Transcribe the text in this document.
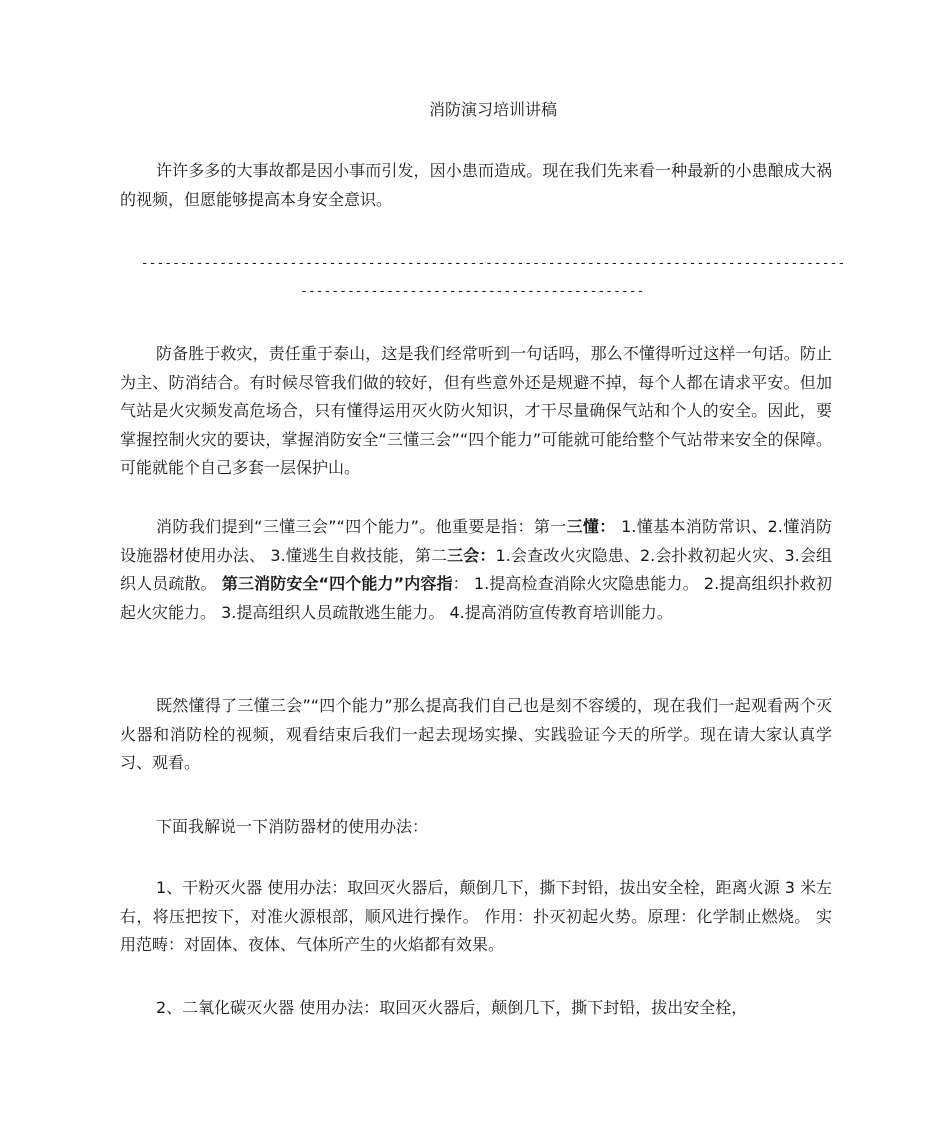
消防演习培训讲稿

许许多多的大事故都是因小事而引发，因小患而造成。现在我们先来看一种最新的小患酿成大祸的视频，但愿能够提高本身安全意识。

------------------------------------------------------------------------------------------
--------------------------------------------

防备胜于救灾，责任重于泰山，这是我们经常听到一句话吗，那么不懂得听过这样一句话。防止为主、防消结合。有时候尽管我们做的较好，但有些意外还是规避不掉，每个人都在请求平安。但加气站是火灾频发高危场合，只有懂得运用灭火防火知识，才干尽量确保气站和个人的安全。因此，要掌握控制火灾的要诀，掌握消防安全“三懂三会”“四个能力”可能就可能给整个气站带来安全的保障。可能就能个自己多套一层保护山。

消防我们提到“三懂三会”“四个能力”。他重要是指：第一三懂： 1.懂基本消防常识、2.懂消防设施器材使用办法、 3.懂逃生自救技能，第二三会：1.会查改火灾隐患、2.会扑救初起火灾、3.会组织人员疏散。 第三消防安全“四个能力”内容指： 1.提高检查消除火灾隐患能力。 2.提高组织扑救初起火灾能力。 3.提高组织人员疏散逃生能力。 4.提高消防宣传教育培训能力。

既然懂得了三懂三会”“四个能力”那么提高我们自己也是刻不容缓的，现在我们一起观看两个灭火器和消防栓的视频，观看结束后我们一起去现场实操、实践验证今天的所学。现在请大家认真学习、观看。

下面我解说一下消防器材的使用办法：

1、干粉灭火器 使用办法：取回灭火器后，颠倒几下，撕下封铅，拔出安全栓，距离火源 3 米左右，将压把按下，对准火源根部，顺风进行操作。 作用：扑灭初起火势。原理：化学制止燃烧。 实用范畴：对固体、夜体、气体所产生的火焰都有效果。

2、二氧化碳灭火器 使用办法：取回灭火器后，颠倒几下，撕下封铅，拔出安全栓，
